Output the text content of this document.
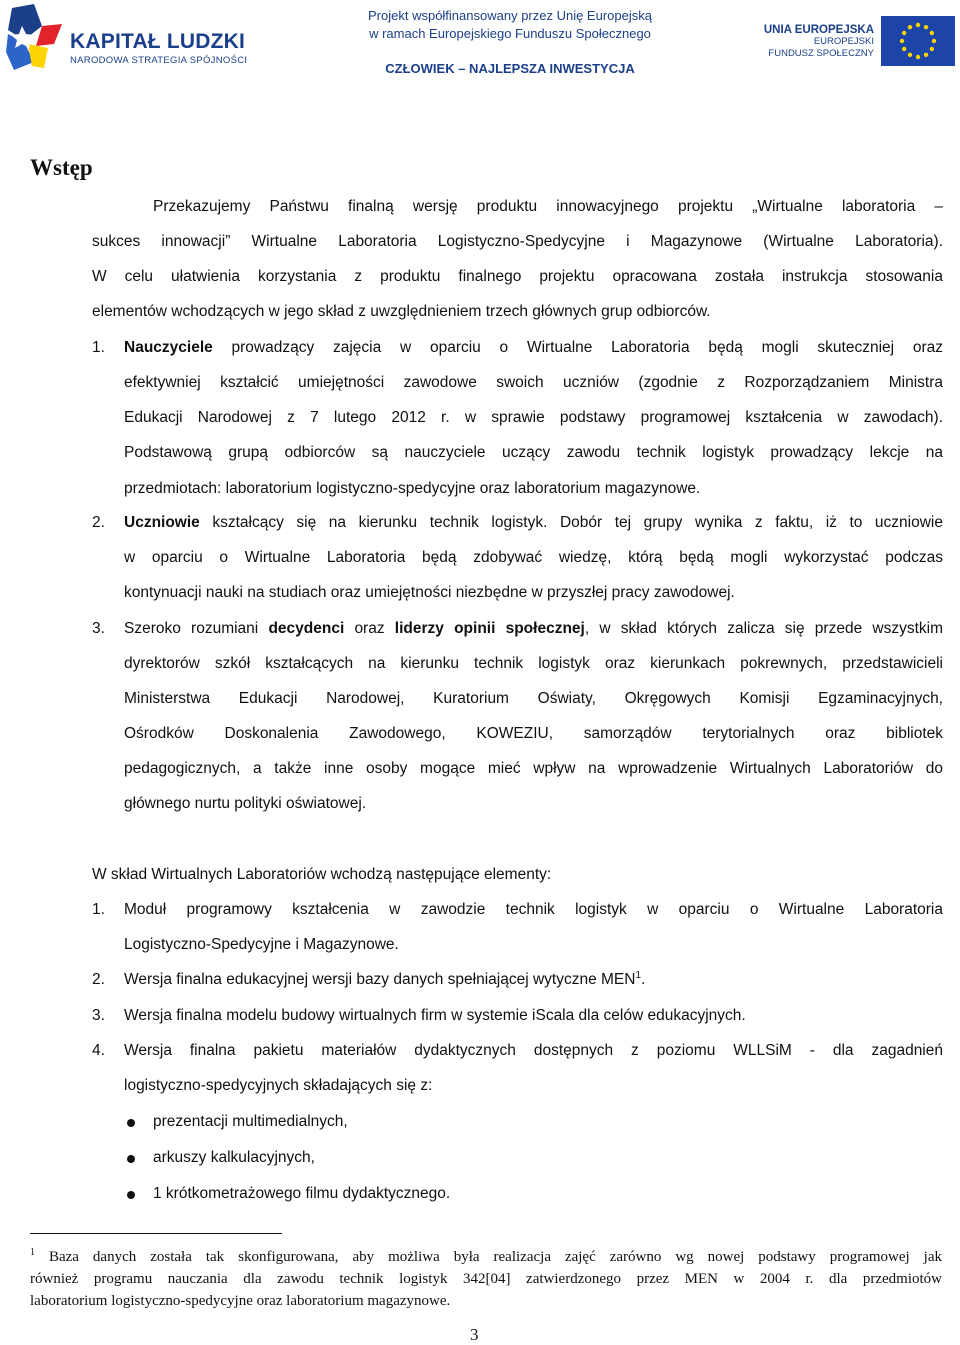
KAPITAŁ LUDZKI
NARODOWA STRATEGIA SPÓJNOŚCI
Projekt współfinansowany przez Unię Europejską
w ramach Europejskiego Funduszu Społecznego
CZŁOWIEK – NAJLEPSZA INWESTYCJA
UNIA EUROPEJSKA
EUROPEJSKI
FUNDUSZ SPOŁECZNY
Wstęp
Przekazujemy Państwu finalną wersję produktu innowacyjnego projektu „Wirtualne laboratoria –
sukces innowacji” Wirtualne Laboratoria Logistyczno-Spedycyjne i Magazynowe (Wirtualne Laboratoria).
W celu ułatwienia korzystania z produktu finalnego projektu opracowana została instrukcja stosowania
elementów wchodzących w jego skład z uwzględnieniem trzech głównych grup odbiorców.
1. Nauczyciele prowadzący zajęcia w oparciu o Wirtualne Laboratoria będą mogli skuteczniej oraz
efektywniej kształcić umiejętności zawodowe swoich uczniów (zgodnie z Rozporządzaniem Ministra
Edukacji Narodowej z 7 lutego 2012 r. w sprawie podstawy programowej kształcenia w zawodach).
Podstawową grupą odbiorców są nauczyciele uczący zawodu technik logistyk prowadzący lekcje na
przedmiotach: laboratorium logistyczno-spedycyjne oraz laboratorium magazynowe.
2. Uczniowie kształcący się na kierunku technik logistyk. Dobór tej grupy wynika z faktu, iż to uczniowie
w oparciu o Wirtualne Laboratoria będą zdobywać wiedzę, którą będą mogli wykorzystać podczas
kontynuacji nauki na studiach oraz umiejętności niezbędne w przyszłej pracy zawodowej.
3. Szeroko rozumiani decydenci oraz liderzy opinii społecznej, w skład których zalicza się przede wszystkim
dyrektorów szkół kształcących na kierunku technik logistyk oraz kierunkach pokrewnych, przedstawicieli
Ministerstwa Edukacji Narodowej, Kuratorium Oświaty, Okręgowych Komisji Egzaminacyjnych,
Ośrodków Doskonalenia Zawodowego, KOWEZIU, samorządów terytorialnych oraz bibliotek
pedagogicznych, a także inne osoby mogące mieć wpływ na wprowadzenie Wirtualnych Laboratoriów do
głównego nurtu polityki oświatowej.
W skład Wirtualnych Laboratoriów wchodzą następujące elementy:
1. Moduł programowy kształcenia w zawodzie technik logistyk w oparciu o Wirtualne Laboratoria
Logistyczno-Spedycyjne i Magazynowe.
2. Wersja finalna edukacyjnej wersji bazy danych spełniającej wytyczne MEN$^1$.
3. Wersja finalna modelu budowy wirtualnych firm w systemie iScala dla celów edukacyjnych.
4. Wersja finalna pakietu materiałów dydaktycznych dostępnych z poziomu WLLSiM - dla zagadnień
logistyczno-spedycyjnych składających się z:
prezentacji multimedialnych,
arkuszy kalkulacyjnych,
1 krótkometrażowego filmu dydaktycznego.
$^1$ Baza danych została tak skonfigurowana, aby możliwa była realizacja zajęć zarówno wg nowej podstawy programowej jak
również programu nauczania dla zawodu technik logistyk 342[04] zatwierdzonego przez MEN w 2004 r. dla przedmiotów
laboratorium logistyczno-spedycyjne oraz laboratorium magazynowe.
3
